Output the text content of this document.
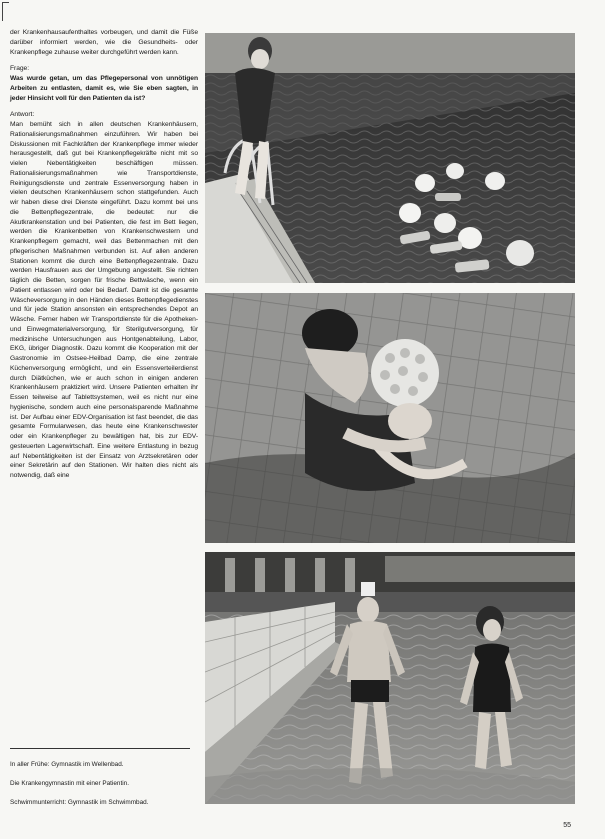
der Krankenhausaufenthaltes vorbeugen, und damit die Füße darüber informiert werden, wie die Gesundheits- oder Krankenpflege zuhause weiter durchgeführt werden kann.

Frage:
Was wurde getan, um das Pflegepersonal von unnötigen Arbeiten zu entlasten, damit es, wie Sie eben sagten, in jeder Hinsicht voll für den Patienten da ist?

Antwort:
Man bemüht sich in allen deutschen Krankenhäusern, Rationalisierungsmaßnahmen einzuführen. Wir haben bei Diskussionen mit Fachkräften der Krankenpflege immer wieder herausgestellt, daß gut bei Krankenpflegekräfte nicht mit so vielen Nebentätigkeiten beschäftigen müssen. Rationalisierungsmaßnahmen wie Transportdienste, Reinigungsdienste und zentrale Essenversorgung haben in vielen deutschen Krankenhäusern schon stattgefunden. Auch wir haben diese drei Dienste eingeführt. Dazu kommt bei uns die Bettenpflegezentrale, die bedeutet: nur die Akutkrankenstation und bei Patienten, die fest im Bett liegen, werden die Krankenbetten von Krankenschwestern und Krankenpflegern gemacht, weil das Bettenmachen mit den pflegerischen Maßnahmen verbunden ist. Auf allen anderen Stationen kommt die durch eine Bettenpflegezentrale. Dazu werden Hausfrauen aus der Umgebung angestellt. Sie richten täglich die Betten, sorgen für frische Bettwäsche, wenn ein Patient entlassen wird oder bei Bedarf. Damit ist die gesamte Wäscheversorgung in den Händen dieses Bettenpflegedienstes und für jede Station ansonsten ein entsprechendes Depot an Wäsche. Ferner haben wir Transportdienste für die Apotheken- und Einwegmaterialversorgung, für Sterilgutversorgung, für medizinische Untersuchungen aus Hontgenabteilung, Labor, EKG, übriger Diagnostik. Dazu kommt die Kooperation mit der Gastronomie im Ostsee-Heilbad Damp, die eine zentrale Küchenversorgung ermöglicht, und ein Essensverteilerdienst durch Diätküchen, wie er auch schon in einigen anderen Krankenhäusern praktiziert wird. Unsere Patienten erhalten ihr Essen teilweise auf Tablettsystemen, weil es nicht nur eine hygienische, sondern auch eine personalsparende Maßnahme ist. Der Aufbau einer EDV-Organisation ist fast beendet, die das gesamte Formularwesen, das heute eine Krankenschwester oder ein Krankenpfleger zu bewältigen hat, bis zur EDV-gesteuerten Lagerwirtschaft. Eine weitere Entlastung in bezug auf Nebentätigkeiten ist der Einsatz von Arztsekretären oder einer Sekretärin auf den Stationen. Wir halten dies nicht als notwendig, daß eine

In aller Frühe: Gymnastik im Wellenbad.
Die Krankengymnastin mit einer Patientin.
Schwimmunterricht: Gymnastik im Schwimmbad.
55
